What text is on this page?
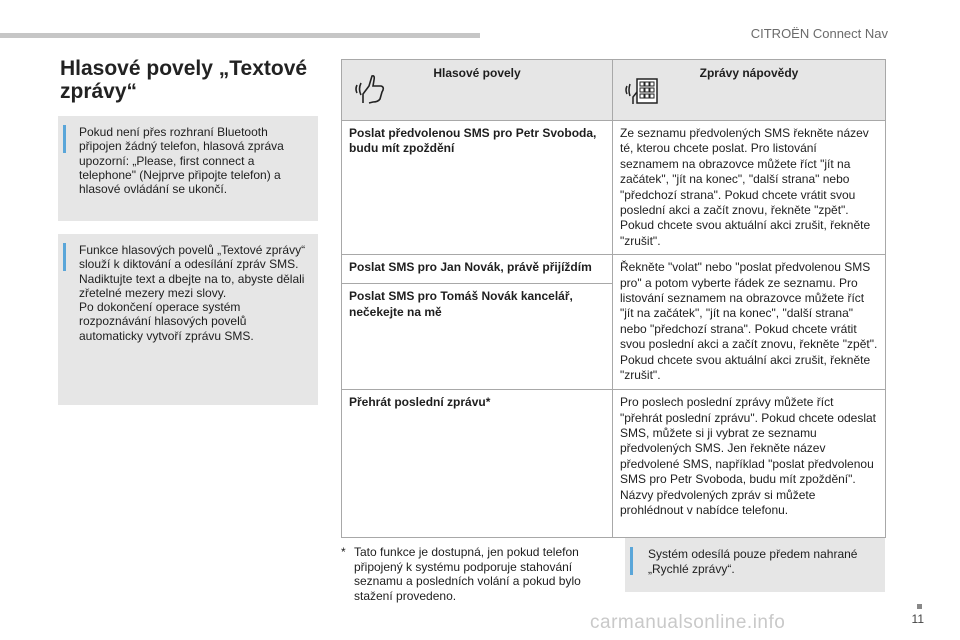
CITROËN Connect Nav
Hlasové povely „Textové zprávy“

Pokud není přes rozhraní Bluetooth připojen žádný telefon, hlasová zpráva upozorní: „Please, first connect a telephone" (Nejprve připojte telefon) a hlasové ovládání se ukončí.

Funkce hlasových povelů „Textové zprávy“ slouží k diktování a odesílání zpráv SMS.

Nadiktujte text a dbejte na to, abyste dělali zřetelné mezery mezi slovy.

Po dokončení operace systém rozpoznávání hlasových povelů automaticky vytvoří zprávu SMS.

Hlasové povely	Zprávy nápovědy

Poslat předvolenou SMS pro Petr Svoboda, budu mít zpoždění	Ze seznamu předvolených SMS řekněte název té, kterou chcete poslat. Pro listování seznamem na obrazovce můžete říct "jít na začátek", "jít na konec", "další strana" nebo "předchozí strana". Pokud chcete vrátit svou poslední akci a začít znovu, řekněte "zpět". Pokud chcete svou aktuální akci zrušit, řekněte "zrušit".
Poslat SMS pro Jan Novák, právě přijíždím	Řekněte "volat" nebo "poslat předvolenou SMS pro" a potom vyberte řádek ze seznamu. Pro listování seznamem na obrazovce můžete říct "jít na začátek", "jít na konec", "další strana" nebo "předchozí strana". Pokud chcete vrátit svou poslední akci a začít znovu, řekněte "zpět". Pokud chcete svou aktuální akci zrušit, řekněte "zrušit".
Poslat SMS pro Tomáš Novák kancelář, nečekejte na mě	
Přehrát poslední zprávu*	Pro poslech poslední zprávy můžete říct "přehrát poslední zprávu". Pokud chcete odeslat SMS, můžete si ji vybrat ze seznamu předvolených SMS. Jen řekněte název předvolené SMS, například "poslat předvolenou SMS pro Petr Svoboda, budu mít zpoždění". Názvy předvolených zpráv si můžete prohlédnout v nabídce telefonu.
* Tato funkce je dostupná, jen pokud telefon připojený k systému podporuje stahování seznamu a posledních volání a pokud bylo stažení provedeno.

Systém odesílá pouze předem nahrané „Rychlé zprávy“.

11
carmanualsonline.info
